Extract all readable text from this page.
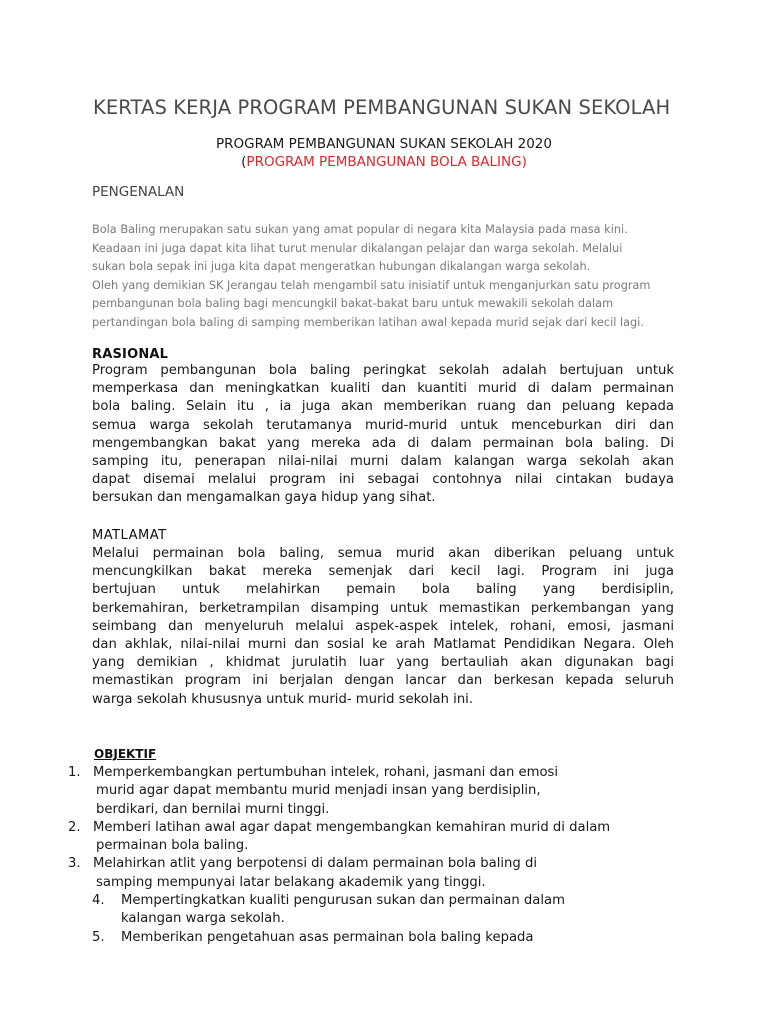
KERTAS KERJA PROGRAM PEMBANGUNAN SUKAN SEKOLAH
PROGRAM PEMBANGUNAN SUKAN SEKOLAH 2020
(PROGRAM PEMBANGUNAN BOLA BALING)
PENGENALAN
Bola Baling merupakan satu sukan yang amat popular di negara kita Malaysia pada masa kini.
Keadaan ini juga dapat kita lihat turut menular dikalangan pelajar dan warga sekolah. Melalui
sukan bola sepak ini juga kita dapat mengeratkan hubungan dikalangan warga sekolah.
Oleh yang demikian SK Jerangau telah mengambil satu inisiatif untuk menganjurkan satu program
pembangunan bola baling bagi mencungkil bakat-bakat baru untuk mewakili sekolah dalam
pertandingan bola baling di samping memberikan latihan awal kepada murid sejak dari kecil lagi.
RASIONAL
Program pembangunan bola baling peringkat sekolah adalah bertujuan untuk
memperkasa dan meningkatkan kualiti dan kuantiti murid di dalam permainan
bola baling. Selain itu , ia juga akan memberikan ruang dan peluang kepada
semua warga sekolah terutamanya murid-murid untuk menceburkan diri dan
mengembangkan bakat yang mereka ada di dalam permainan bola baling. Di
samping itu, penerapan nilai-nilai murni dalam kalangan warga sekolah akan
dapat disemai melalui program ini sebagai contohnya nilai cintakan budaya
bersukan dan mengamalkan gaya hidup yang sihat.
MATLAMAT
Melalui permainan bola baling, semua murid akan diberikan peluang untuk
mencungkilkan bakat mereka semenjak dari kecil lagi. Program ini juga
bertujuan untuk melahirkan pemain bola baling yang berdisiplin,
berkemahiran, berketrampilan disamping untuk memastikan perkembangan yang
seimbang dan menyeluruh melalui aspek-aspek intelek, rohani, emosi, jasmani
dan akhlak, nilai-nilai murni dan sosial ke arah Matlamat Pendidikan Negara. Oleh
yang demikian , khidmat jurulatih luar yang bertauliah akan digunakan bagi
memastikan program ini berjalan dengan lancar dan berkesan kepada seluruh
warga sekolah khususnya untuk murid- murid sekolah ini.
OBJEKTIF
1. Memperkembangkan pertumbuhan intelek, rohani, jasmani dan emosi
murid agar dapat membantu murid menjadi insan yang berdisiplin,
berdikari, dan bernilai murni tinggi.
2. Memberi latihan awal agar dapat mengembangkan kemahiran murid di dalam
permainan bola baling.
3. Melahirkan atlit yang berpotensi di dalam permainan bola baling di
samping mempunyai latar belakang akademik yang tinggi.
4. Mempertingkatkan kualiti pengurusan sukan dan permainan dalam
kalangan warga sekolah.
5. Memberikan pengetahuan asas permainan bola baling kepada
